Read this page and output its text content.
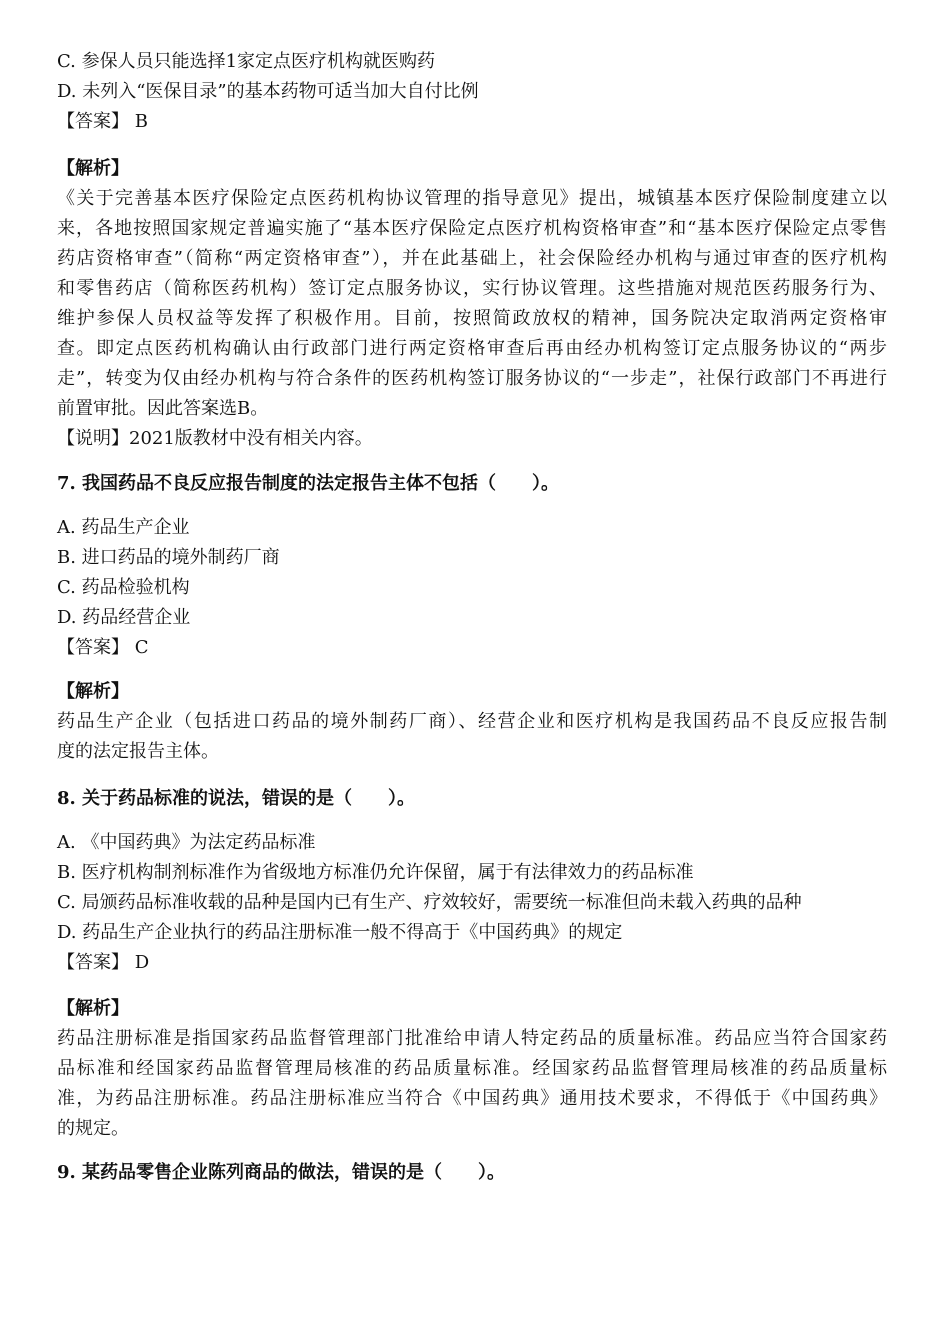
C. 参保人员只能选择1家定点医疗机构就医购药

D. 未列入“医保目录”的基本药物可适当加大自付比例

【答案】 B

【解析】

《关于完善基本医疗保险定点医药机构协议管理的指导意见》提出，城镇基本医疗保险制度建立以

来，各地按照国家规定普遍实施了“基本医疗保险定点医疗机构资格审查”和“基本医疗保险定点零售

药店资格审查”（简称“两定资格审查”），并在此基础上，社会保险经办机构与通过审查的医疗机构

和零售药店（简称医药机构）签订定点服务协议，实行协议管理。这些措施对规范医药服务行为、

维护参保人员权益等发挥了积极作用。目前，按照简政放权的精神，国务院决定取消两定资格审

查。即定点医药机构确认由行政部门进行两定资格审查后再由经办机构签订定点服务协议的“两步

走”，转变为仅由经办机构与符合条件的医药机构签订服务协议的“一步走”，社保行政部门不再进行

前置审批。因此答案选B。

【说明】2021版教材中没有相关内容。

7. 我国药品不良反应报告制度的法定报告主体不包括（　　）。

A. 药品生产企业

B. 进口药品的境外制药厂商

C. 药品检验机构

D. 药品经营企业

【答案】 C

【解析】

药品生产企业（包括进口药品的境外制药厂商）、经营企业和医疗机构是我国药品不良反应报告制

度的法定报告主体。

8. 关于药品标准的说法，错误的是（　　）。

A. 《中国药典》为法定药品标准

B. 医疗机构制剂标准作为省级地方标准仍允许保留，属于有法律效力的药品标准

C. 局颁药品标准收载的品种是国内已有生产、疗效较好，需要统一标准但尚未载入药典的品种

D. 药品生产企业执行的药品注册标准一般不得高于《中国药典》的规定

【答案】 D

【解析】

药品注册标准是指国家药品监督管理部门批准给申请人特定药品的质量标准。药品应当符合国家药

品标准和经国家药品监督管理局核准的药品质量标准。经国家药品监督管理局核准的药品质量标

准，为药品注册标准。药品注册标准应当符合《中国药典》通用技术要求，不得低于《中国药典》

的规定。

9. 某药品零售企业陈列商品的做法，错误的是（　　）。
